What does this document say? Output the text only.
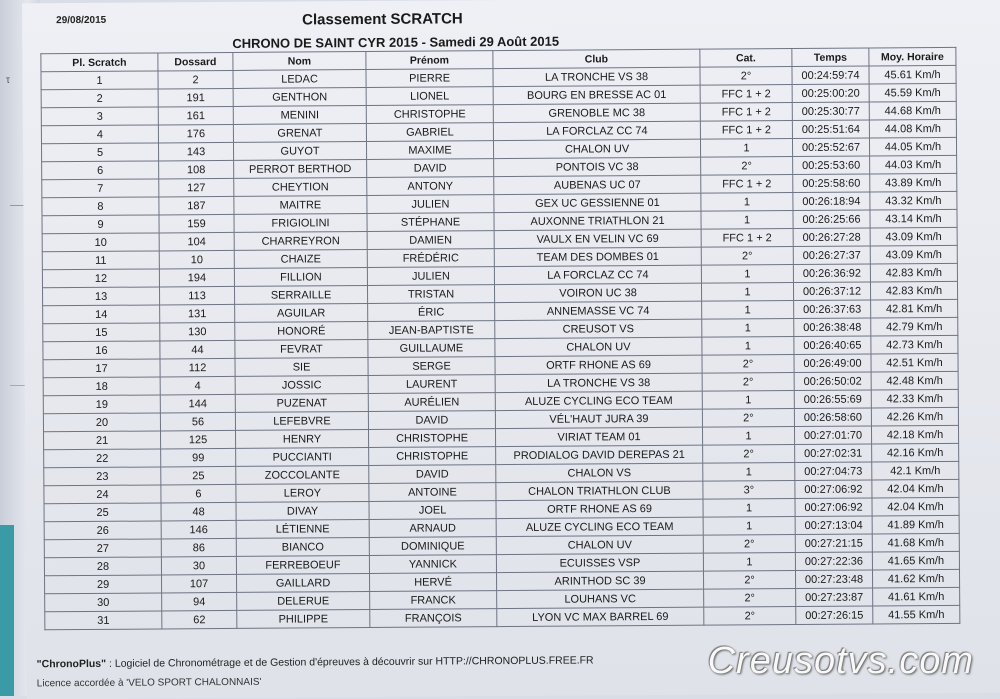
τ
29/08/2015	Classement SCRATCH
CHRONO DE SAINT CYR 2015 - Samedi 29 Août 2015
Pl. Scratch	Dossard	Nom	Prénom	Club	Cat.	Temps	Moy. Horaire
1	2	LEDAC	PIERRE	LA TRONCHE VS 38	2°	00:24:59:74	45.61 Km/h
2	191	GENTHON	LIONEL	BOURG EN BRESSE AC 01	FFC 1 + 2	00:25:00:20	45.59 Km/h
3	161	MENINI	CHRISTOPHE	GRENOBLE MC 38	FFC 1 + 2	00:25:30:77	44.68 Km/h
4	176	GRENAT	GABRIEL	LA FORCLAZ CC 74	FFC 1 + 2	00:25:51:64	44.08 Km/h
5	143	GUYOT	MAXIME	CHALON UV	1	00:25:52:67	44.05 Km/h
6	108	PERROT BERTHOD	DAVID	PONTOIS VC 38	2°	00:25:53:60	44.03 Km/h
7	127	CHEYTION	ANTONY	AUBENAS UC 07	FFC 1 + 2	00:25:58:60	43.89 Km/h
8	187	MAITRE	JULIEN	GEX UC GESSIENNE 01	1	00:26:18:94	43.32 Km/h
9	159	FRIGIOLINI	STÉPHANE	AUXONNE TRIATHLON 21	1	00:26:25:66	43.14 Km/h
10	104	CHARREYRON	DAMIEN	VAULX EN VELIN VC 69	FFC 1 + 2	00:26:27:28	43.09 Km/h
11	10	CHAIZE	FRÉDÉRIC	TEAM DES DOMBES 01	2°	00:26:27:37	43.09 Km/h
12	194	FILLION	JULIEN	LA FORCLAZ CC 74	1	00:26:36:92	42.83 Km/h
13	113	SERRAILLE	TRISTAN	VOIRON UC 38	1	00:26:37:12	42.83 Km/h
14	131	AGUILAR	ÉRIC	ANNEMASSE VC 74	1	00:26:37:63	42.81 Km/h
15	130	HONORÉ	JEAN-BAPTISTE	CREUSOT VS	1	00:26:38:48	42.79 Km/h
16	44	FEVRAT	GUILLAUME	CHALON UV	1	00:26:40:65	42.73 Km/h
17	112	SIE	SERGE	ORTF RHONE AS 69	2°	00:26:49:00	42.51 Km/h
18	4	JOSSIC	LAURENT	LA TRONCHE VS 38	2°	00:26:50:02	42.48 Km/h
19	144	PUZENAT	AURÉLIEN	ALUZE CYCLING ECO TEAM	1	00:26:55:69	42.33 Km/h
20	56	LEFEBVRE	DAVID	VÉL'HAUT JURA 39	2°	00:26:58:60	42.26 Km/h
21	125	HENRY	CHRISTOPHE	VIRIAT TEAM 01	1	00:27:01:70	42.18 Km/h
22	99	PUCCIANTI	CHRISTOPHE	PRODIALOG DAVID DEREPAS 21	2°	00:27:02:31	42.16 Km/h
23	25	ZOCCOLANTE	DAVID	CHALON VS	1	00:27:04:73	42.1 Km/h
24	6	LEROY	ANTOINE	CHALON TRIATHLON CLUB	3°	00:27:06:92	42.04 Km/h
25	48	DIVAY	JOEL	ORTF RHONE AS 69	1	00:27:06:92	42.04 Km/h
26	146	LÉTIENNE	ARNAUD	ALUZE CYCLING ECO TEAM	1	00:27:13:04	41.89 Km/h
27	86	BIANCO	DOMINIQUE	CHALON UV	2°	00:27:21:15	41.68 Km/h
28	30	FERREBOEUF	YANNICK	ECUISSES VSP	1	00:27:22:36	41.65 Km/h
29	107	GAILLARD	HERVÉ	ARINTHOD SC 39	2°	00:27:23:48	41.62 Km/h
30	94	DELERUE	FRANCK	LOUHANS VC	2°	00:27:23:87	41.61 Km/h
31	62	PHILIPPE	FRANÇOIS	LYON VC MAX BARREL 69	2°	00:27:26:15	41.55 Km/h
"ChronoPlus" : Logiciel de Chronométrage et de Gestion d'épreuves à découvrir sur HTTP://CHRONOPLUS.FREE.FR
Licence accordée à 'VELO SPORT CHALONNAIS'
Creusotvs.com
